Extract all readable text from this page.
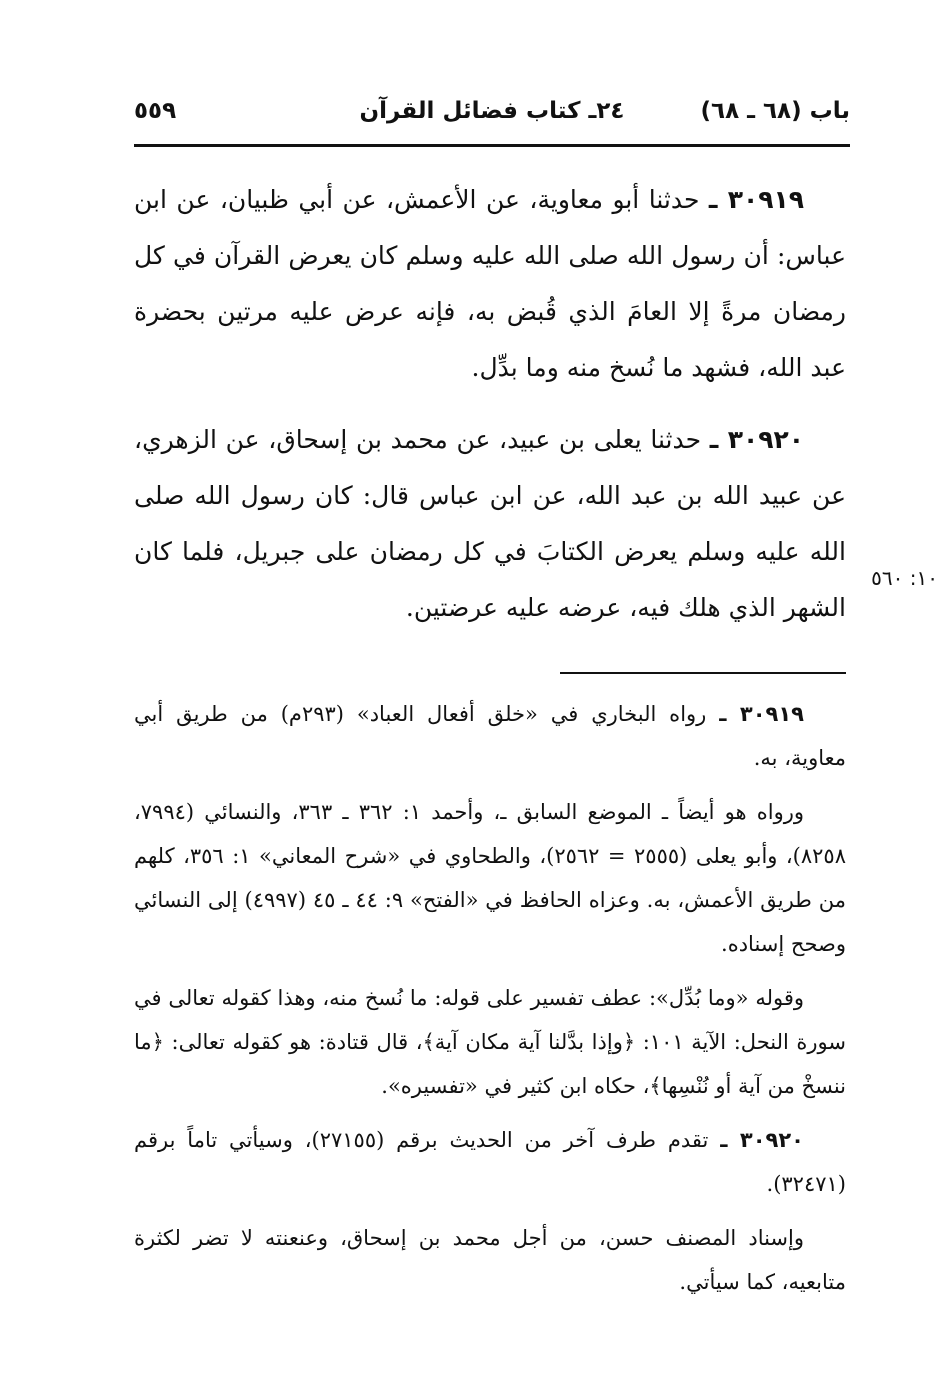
باب (٦٨ ـ ٦٨)
٢٤ـ كتاب فضائل القرآن
٥٥٩

٣٠٩١٩ ـ حدثنا أبو معاوية، عن الأعمش، عن أبي ظبيان، عن ابن عباس: أن رسول الله صلى الله عليه وسلم كان يعرض القرآن في كل رمضان مرةً إلا العامَ الذي قُبض به، فإنه عرض عليه مرتين بحضرة عبد الله، فشهد ما نُسخ منه وما بدِّل.

٣٠٩٢٠ ـ حدثنا يعلى بن عبيد، عن محمد بن إسحاق، عن الزهري، عن عبيد الله بن عبد الله، عن ابن عباس قال: كان رسول الله صلى الله عليه وسلم يعرض الكتابَ في كل رمضان على جبريل، فلما كان الشهر الذي هلك فيه، عرضه عليه عرضتين.

١٠: ٥٦٠

٣٠٩١٩ ـ رواه البخاري في «خلق أفعال العباد» (٢٩٣م) من طريق أبي معاوية، به.

ورواه هو أيضاً ـ الموضع السابق ـ، وأحمد ١: ٣٦٢ ـ ٣٦٣، والنسائي (٧٩٩٤، ٨٢٥٨)، وأبو يعلى (٢٥٥٥ = ٢٥٦٢)، والطحاوي في «شرح المعاني» ١: ٣٥٦، كلهم من طريق الأعمش، به. وعزاه الحافظ في «الفتح» ٩: ٤٤ ـ ٤٥ (٤٩٩٧) إلى النسائي وصحح إسناده.

وقوله «وما بُدِّل»: عطف تفسير على قوله: ما نُسخ منه، وهذا كقوله تعالى في سورة النحل: الآية ١٠١: ﴿وإذا بدَّلنا آية مكان آية﴾، قال قتادة: هو كقوله تعالى: ﴿ما ننسخْ من آية أو نُنْسِها﴾، حكاه ابن كثير في «تفسيره».

٣٠٩٢٠ ـ تقدم طرف آخر من الحديث برقم (٢٧١٥٥)، وسيأتي تاماً برقم (٣٢٤٧١).

وإسناد المصنف حسن، من أجل محمد بن إسحاق، وعنعنته لا تضر لكثرة متابعيه، كما سيأتي.
